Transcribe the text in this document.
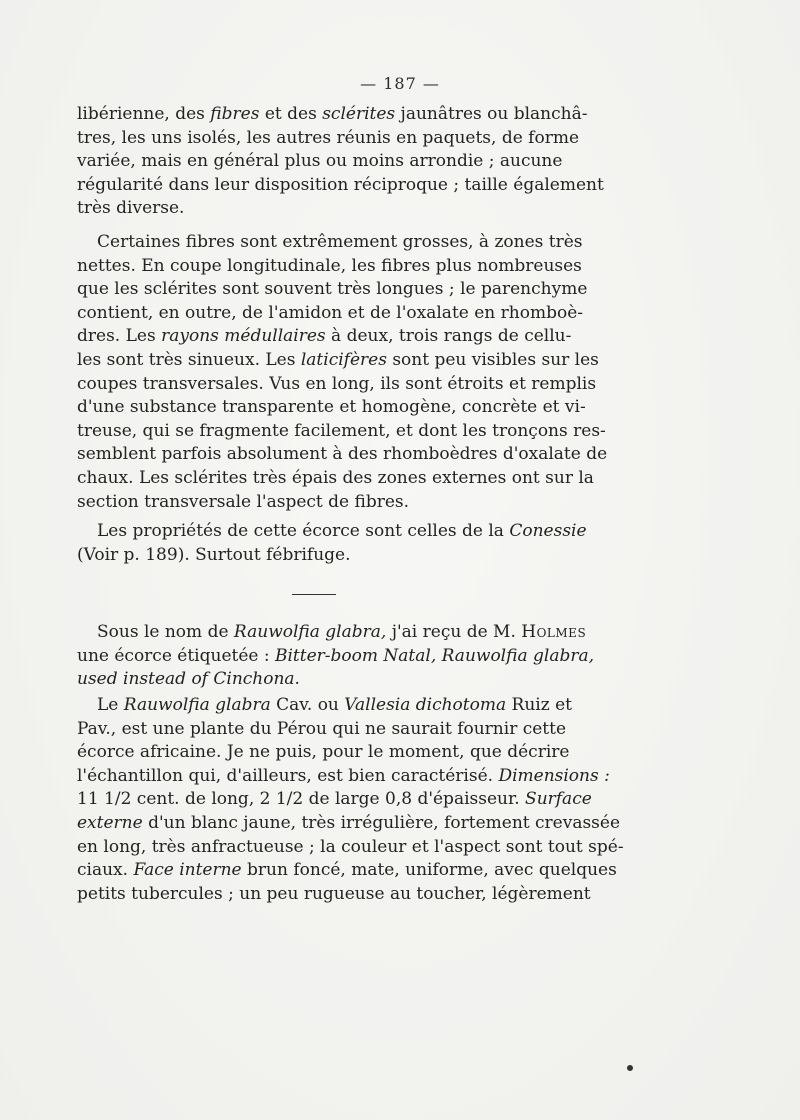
— 187 —
libérienne, des fibres et des sclérites jaunâtres ou blanchâ-
tres, les uns isolés, les autres réunis en paquets, de forme
variée, mais en général plus ou moins arrondie ; aucune
régularité dans leur disposition réciproque ; taille également
très diverse.
Certaines fibres sont extrêmement grosses, à zones très
nettes. En coupe longitudinale, les fibres plus nombreuses
que les sclérites sont souvent très longues ; le parenchyme
contient, en outre, de l'amidon et de l'oxalate en rhomboè-
dres. Les rayons médullaires à deux, trois rangs de cellu-
les sont très sinueux. Les laticifères sont peu visibles sur les
coupes transversales. Vus en long, ils sont étroits et remplis
d'une substance transparente et homogène, concrète et vi-
treuse, qui se fragmente facilement, et dont les tronçons res-
semblent parfois absolument à des rhomboèdres d'oxalate de
chaux. Les sclérites très épais des zones externes ont sur la
section transversale l'aspect de fibres.
Les propriétés de cette écorce sont celles de la Conessie
(Voir p. 189). Surtout fébrifuge.
Sous le nom de Rauwolfia glabra, j'ai reçu de M. Holmes
une écorce étiquetée : Bitter-boom Natal, Rauwolfia glabra,
used instead of Cinchona.
Le Rauwolfia glabra Cav. ou Vallesia dichotoma Ruiz et
Pav., est une plante du Pérou qui ne saurait fournir cette
écorce africaine. Je ne puis, pour le moment, que décrire
l'échantillon qui, d'ailleurs, est bien caractérisé. Dimensions :
11 1/2 cent. de long, 2 1/2 de large 0,8 d'épaisseur. Surface
externe d'un blanc jaune, très irrégulière, fortement crevassée
en long, très anfractueuse ; la couleur et l'aspect sont tout spé-
ciaux. Face interne brun foncé, mate, uniforme, avec quelques
petits tubercules ; un peu rugueuse au toucher, légèrement
